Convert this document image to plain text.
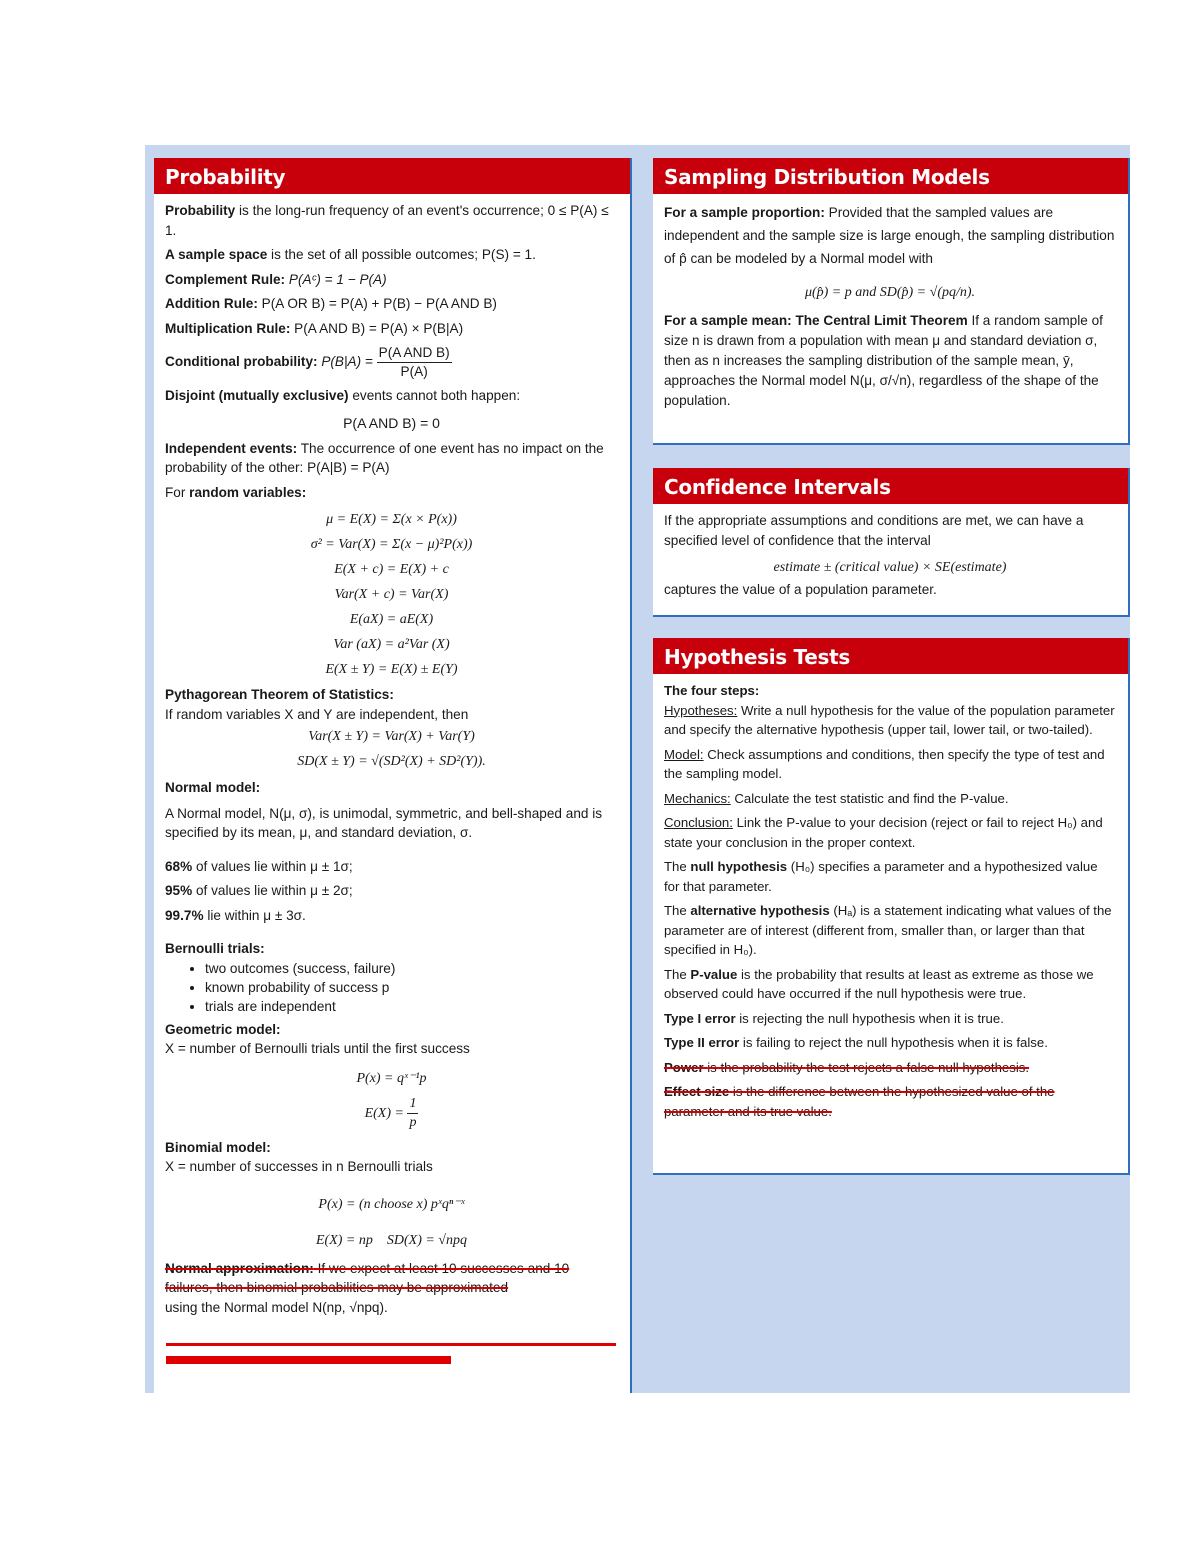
Probability

Probability is the long-run frequency of an event's occurrence; 0 ≤ P(A) ≤ 1.

A sample space is the set of all possible outcomes; P(S) = 1.

Complement Rule: P(Aᶜ) = 1 − P(A)

Addition Rule: P(A OR B) = P(A) + P(B) − P(A AND B)

Multiplication Rule: P(A AND B) = P(A) × P(B|A)

Conditional probability: $P(B|A) = \frac{\text{P(A AND B)}}{P(A)}$

Disjoint (mutually exclusive) events cannot both happen:

P(A AND B) = 0

Independent events: The occurrence of one event has no impact on the probability of the other: P(A|B) = P(A)

For random variables:

μ = E(X) = Σ(x × P(x))
σ² = Var(X) = Σ(x − μ)²P(x))
E(X + c) = E(X) + c
Var(X + c) = Var(X)
E(aX) = aE(X)
Var (aX) = a²Var (X)
E(X ± Y) = E(X) ± E(Y)

Pythagorean Theorem of Statistics:
If random variables X and Y are independent, then

Var(X ± Y) = Var(X) + Var(Y)
SD(X ± Y) = √(SD²(X) + SD²(Y)).

Normal model:

A Normal model, N(μ, σ), is unimodal, symmetric, and bell-shaped and is specified by its mean, μ, and standard deviation, σ.

68% of values lie within μ ± 1σ;

95% of values lie within μ ± 2σ;

99.7% lie within μ ± 3σ.

Bernoulli trials:

• two outcomes (success, failure)
• known probability of success p
• trials are independent

Geometric model:
X = number of Bernoulli trials until the first success

P(x) = qˣ⁻¹p
$E(X) = \frac{1}{p}$

Binomial model:
X = number of successes in n Bernoulli trials

P(x) = (n choose x) pˣqⁿ⁻ˣ
E(X) = np    SD(X) = √npq

Normal approximation: If we expect at least 10 successes and 10 failures, then binomial probabilities may be approximated

using the Normal model N(np, √npq).

Sampling Distribution Models

For a sample proportion: Provided that the sampled values are independent and the sample size is large enough, the sampling distribution of p̂ can be modeled by a Normal model with

μ(p̂) = p and SD(p̂) = √(pq/n).

For a sample mean: The Central Limit Theorem If a random sample of size n is drawn from a population with mean μ and standard deviation σ, then as n increases the sampling distribution of the sample mean, ȳ, approaches the Normal model N(μ, σ/√n), regardless of the shape of the population.

Confidence Intervals

If the appropriate assumptions and conditions are met, we can have a specified level of confidence that the interval

estimate ± (critical value) × SE(estimate)

captures the value of a population parameter.

Hypothesis Tests

The four steps:

Hypotheses: Write a null hypothesis for the value of the population parameter and specify the alternative hypothesis (upper tail, lower tail, or two-tailed).

Model: Check assumptions and conditions, then specify the type of test and the sampling model.

Mechanics: Calculate the test statistic and find the P-value.

Conclusion: Link the P-value to your decision (reject or fail to reject H₀) and state your conclusion in the proper context.

The null hypothesis (H₀) specifies a parameter and a hypothesized value for that parameter.

The alternative hypothesis (Hₐ) is a statement indicating what values of the parameter are of interest (different from, smaller than, or larger than that specified in H₀).

The P-value is the probability that results at least as extreme as those we observed could have occurred if the null hypothesis were true.

Type I error is rejecting the null hypothesis when it is true.

Type II error is failing to reject the null hypothesis when it is false.

Power is the probability the test rejects a false null hypothesis.

Effect size is the difference between the hypothesized value of the parameter and its true value.
